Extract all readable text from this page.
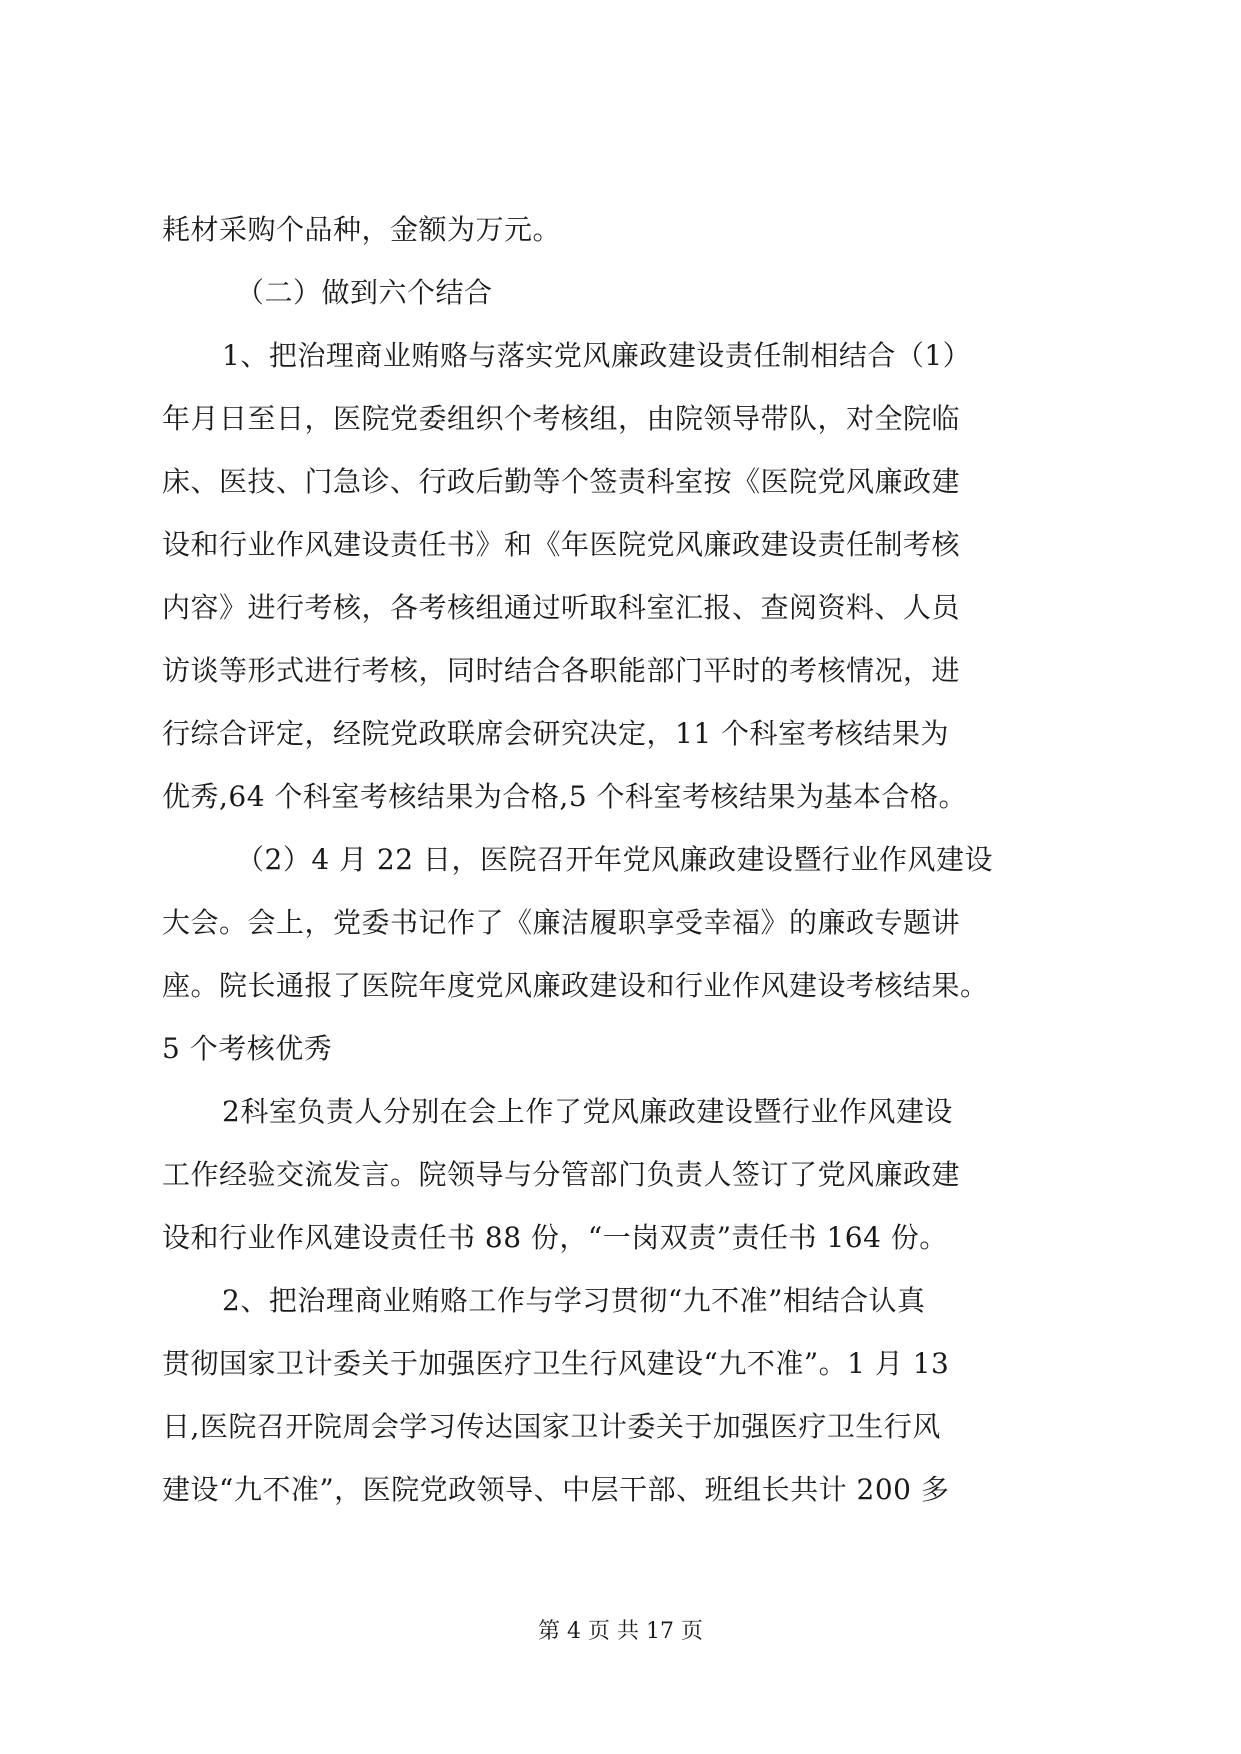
耗材采购个品种，金额为万元。
（二）做到六个结合
1、把治理商业贿赂与落实党风廉政建设责任制相结合（1）
年月日至日，医院党委组织个考核组，由院领导带队，对全院临
床、医技、门急诊、行政后勤等个签责科室按《医院党风廉政建
设和行业作风建设责任书》和《年医院党风廉政建设责任制考核
内容》进行考核，各考核组通过听取科室汇报、查阅资料、人员
访谈等形式进行考核，同时结合各职能部门平时的考核情况，进
行综合评定，经院党政联席会研究决定，11 个科室考核结果为
优秀,64 个科室考核结果为合格,5 个科室考核结果为基本合格。
（2）4 月 22 日，医院召开年党风廉政建设暨行业作风建设
大会。会上，党委书记作了《廉洁履职享受幸福》的廉政专题讲
座。院长通报了医院年度党风廉政建设和行业作风建设考核结果。
5 个考核优秀
2科室负责人分别在会上作了党风廉政建设暨行业作风建设
工作经验交流发言。院领导与分管部门负责人签订了党风廉政建
设和行业作风建设责任书 88 份，“一岗双责”责任书 164 份。
2、把治理商业贿赂工作与学习贯彻“九不准”相结合认真
贯彻国家卫计委关于加强医疗卫生行风建设“九不准”。1 月 13
日,医院召开院周会学习传达国家卫计委关于加强医疗卫生行风
建设“九不准”，医院党政领导、中层干部、班组长共计 200 多
第 4 页 共 17 页
